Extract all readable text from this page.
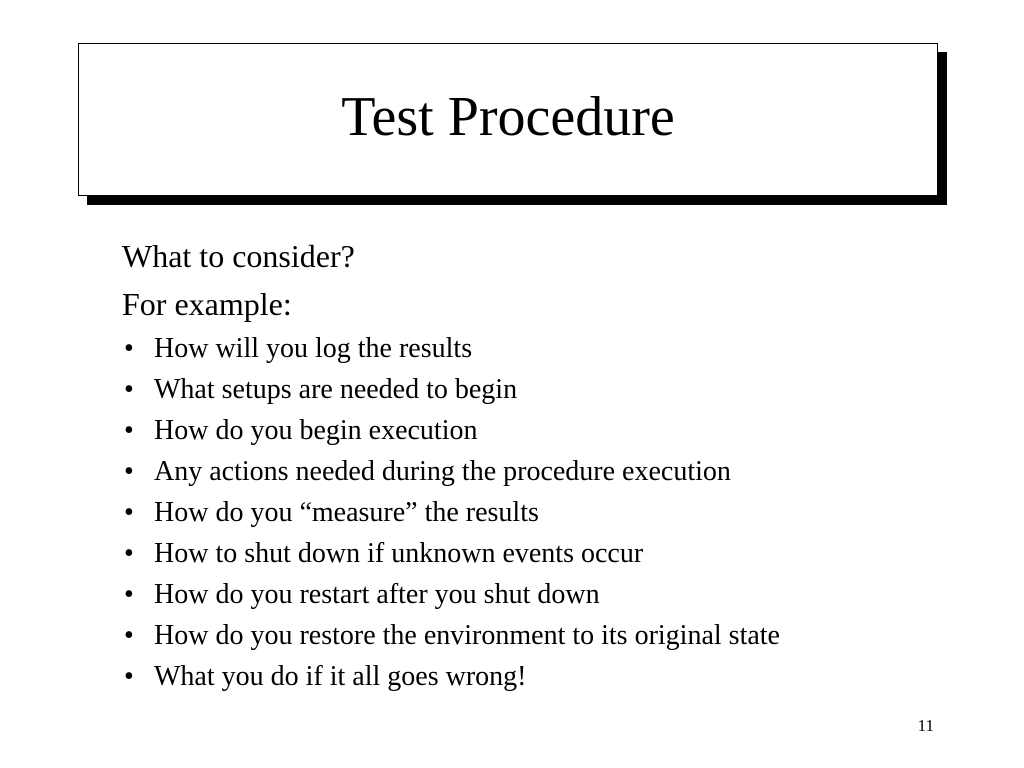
Test Procedure
What to consider?
For example:
• How will you log the results
• What setups are needed to begin
• How do you begin execution
• Any actions needed during the procedure execution
• How do you “measure” the results
• How to shut down if unknown events occur
• How do you restart after you shut down
• How do you restore the environment to its original state
• What you do if it all goes wrong!
11
